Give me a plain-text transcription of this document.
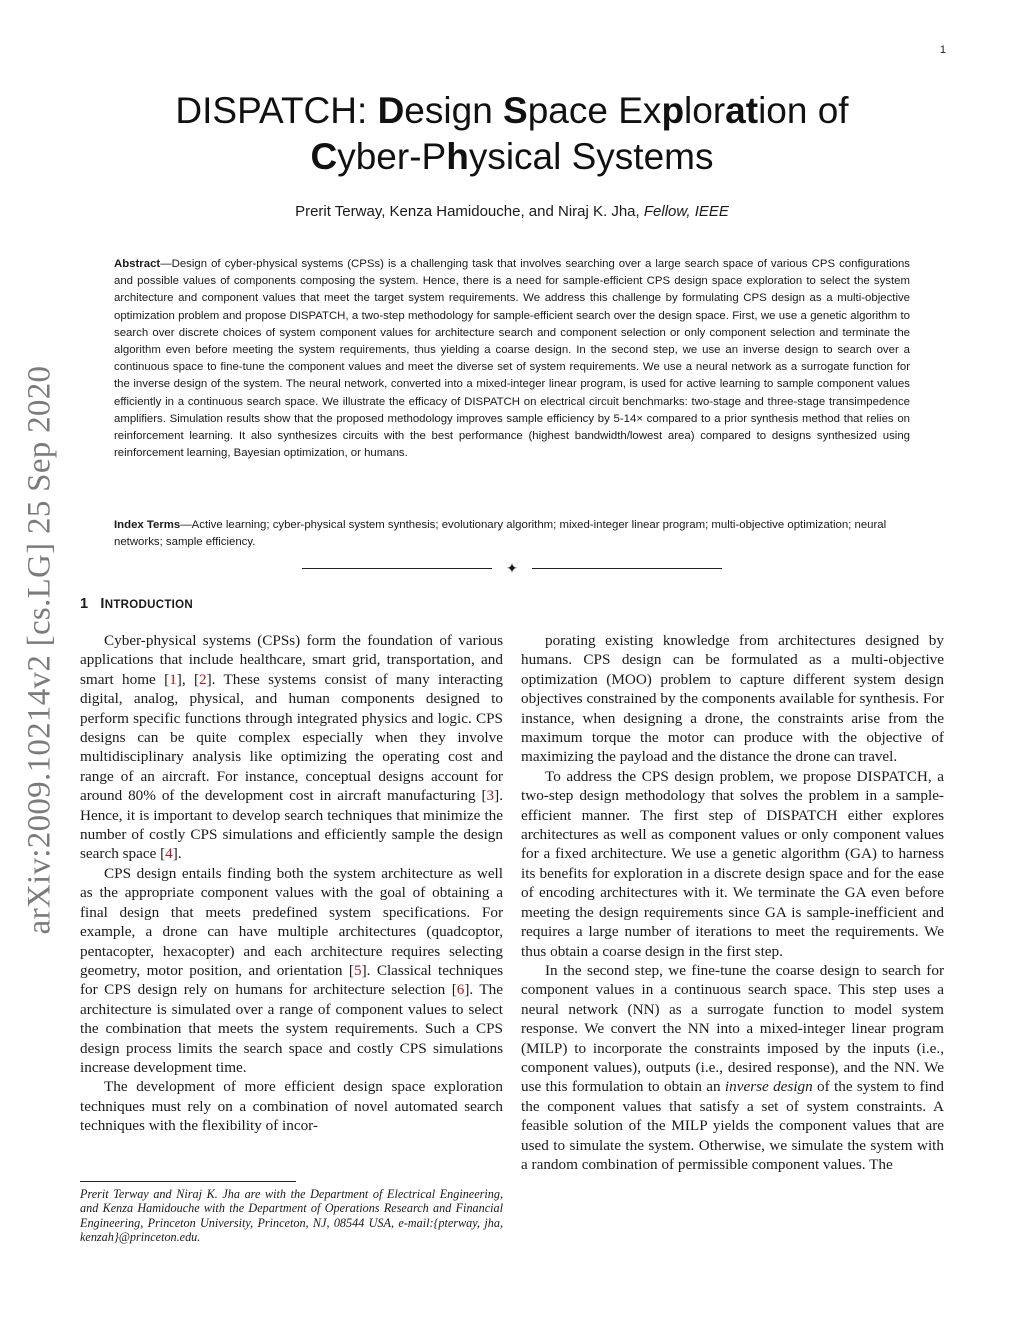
1
arXiv:2009.10214v2 [cs.LG] 25 Sep 2020
DISPATCH: Design Space Exploration of
Cyber-Physical Systems
Prerit Terway, Kenza Hamidouche, and Niraj K. Jha, Fellow, IEEE
Abstract—Design of cyber-physical systems (CPSs) is a challenging task that involves searching over a large search space of various CPS configurations and possible values of components composing the system. Hence, there is a need for sample-efficient CPS design space exploration to select the system architecture and component values that meet the target system requirements. We address this challenge by formulating CPS design as a multi-objective optimization problem and propose DISPATCH, a two-step methodology for sample-efficient search over the design space. First, we use a genetic algorithm to search over discrete choices of system component values for architecture search and component selection or only component selection and terminate the algorithm even before meeting the system requirements, thus yielding a coarse design. In the second step, we use an inverse design to search over a continuous space to fine-tune the component values and meet the diverse set of system requirements. We use a neural network as a surrogate function for the inverse design of the system. The neural network, converted into a mixed-integer linear program, is used for active learning to sample component values efficiently in a continuous search space. We illustrate the efficacy of DISPATCH on electrical circuit benchmarks: two-stage and three-stage transimpedence amplifiers. Simulation results show that the proposed methodology improves sample efficiency by 5-14× compared to a prior synthesis method that relies on reinforcement learning. It also synthesizes circuits with the best performance (highest bandwidth/lowest area) compared to designs synthesized using reinforcement learning, Bayesian optimization, or humans.
Index Terms—Active learning; cyber-physical system synthesis; evolutionary algorithm; mixed-integer linear program; multi-objective optimization; neural networks; sample efficiency.
✦
1 INTRODUCTION

Cyber-physical systems (CPSs) form the foundation of various applications that include healthcare, smart grid, transportation, and smart home [1], [2]. These systems consist of many interacting digital, analog, physical, and human components designed to perform specific functions through integrated physics and logic. CPS designs can be quite complex especially when they involve multidisciplinary analysis like optimizing the operating cost and range of an aircraft. For instance, conceptual designs account for around 80% of the development cost in aircraft manufacturing [3]. Hence, it is important to develop search techniques that minimize the number of costly CPS simulations and efficiently sample the design search space [4].

CPS design entails finding both the system architecture as well as the appropriate component values with the goal of obtaining a final design that meets predefined system specifications. For example, a drone can have multiple architectures (quadcoptor, pentacopter, hexacopter) and each architecture requires selecting geometry, motor position, and orientation [5]. Classical techniques for CPS design rely on humans for architecture selection [6]. The architecture is simulated over a range of component values to select the combination that meets the system requirements. Such a CPS design process limits the search space and costly CPS simulations increase development time.

The development of more efficient design space exploration techniques must rely on a combination of novel automated search techniques with the flexibility of incor-

Prerit Terway and Niraj K. Jha are with the Department of Electrical Engineering, and Kenza Hamidouche with the Department of Operations Research and Financial Engineering, Princeton University, Princeton, NJ, 08544 USA, e-mail:{pterway, jha, kenzah}@princeton.edu.

porating existing knowledge from architectures designed by humans. CPS design can be formulated as a multi-objective optimization (MOO) problem to capture different system design objectives constrained by the components available for synthesis. For instance, when designing a drone, the constraints arise from the maximum torque the motor can produce with the objective of maximizing the payload and the distance the drone can travel.

To address the CPS design problem, we propose DISPATCH, a two-step design methodology that solves the problem in a sample-efficient manner. The first step of DISPATCH either explores architectures as well as component values or only component values for a fixed architecture. We use a genetic algorithm (GA) to harness its benefits for exploration in a discrete design space and for the ease of encoding architectures with it. We terminate the GA even before meeting the design requirements since GA is sample-inefficient and requires a large number of iterations to meet the requirements. We thus obtain a coarse design in the first step.

In the second step, we fine-tune the coarse design to search for component values in a continuous search space. This step uses a neural network (NN) as a surrogate function to model system response. We convert the NN into a mixed-integer linear program (MILP) to incorporate the constraints imposed by the inputs (i.e., component values), outputs (i.e., desired response), and the NN. We use this formulation to obtain an inverse design of the system to find the component values that satisfy a set of system constraints. A feasible solution of the MILP yields the component values that are used to simulate the system. Otherwise, we simulate the system with a random combination of permissible component values. The
